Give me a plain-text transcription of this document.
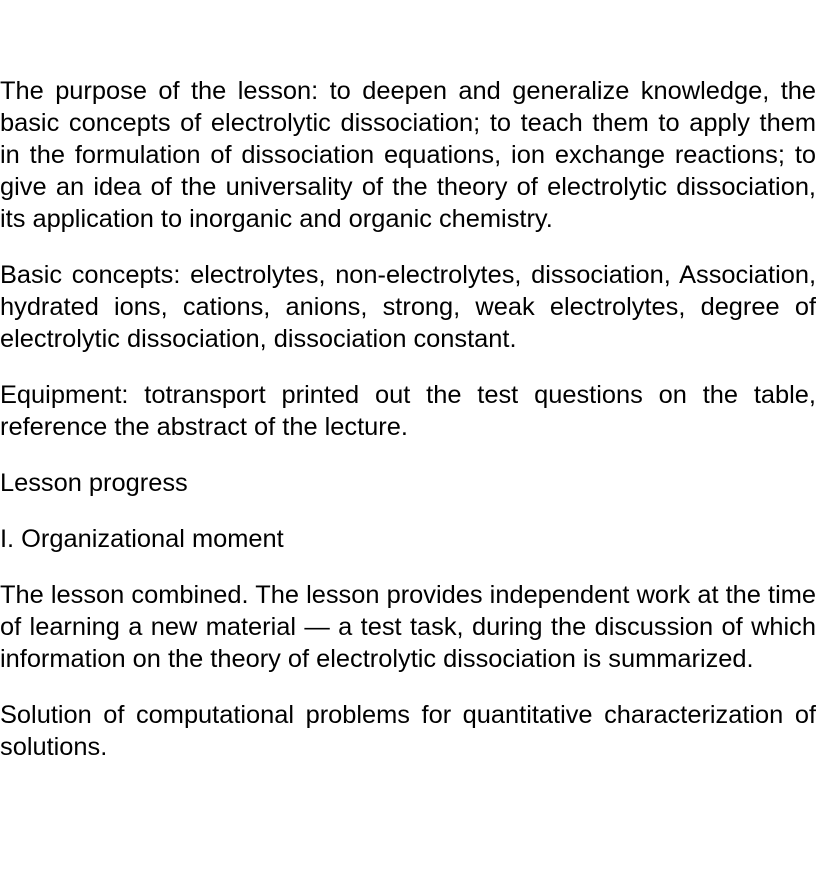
The purpose of the lesson: to deepen and generalize knowledge, the basic concepts of electrolytic dissociation; to teach them to apply them in the formulation of dissociation equations, ion exchange reactions; to give an idea of the universality of the theory of electrolytic dissociation, its application to inorganic and organic chemistry.

Basic concepts: electrolytes, non-electrolytes, dissociation, Association, hydrated ions, cations, anions, strong, weak electrolytes, degree of electrolytic dissociation, dissociation constant.

Equipment: totransport printed out the test questions on the table, reference the abstract of the lecture.

Lesson progress

I. Organizational moment

The lesson combined. The lesson provides independent work at the time of learning a new material — a test task, during the discussion of which information on the theory of electrolytic dissociation is summarized.

Solution of computational problems for quantitative characterization of solutions.
